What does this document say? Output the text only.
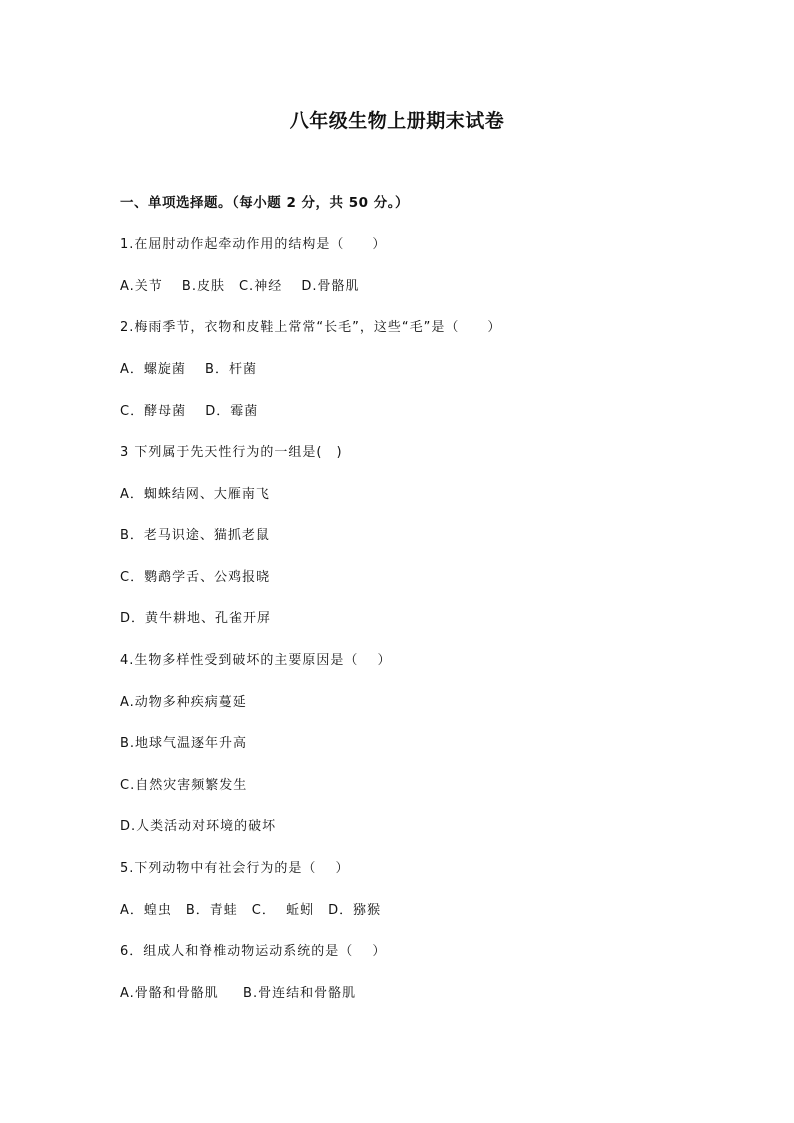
八年级生物上册期末试卷
一、单项选择题。（每小题 2 分，共 50 分。）
1.在屈肘动作起牵动作用的结构是（　　）
A.关节　 B.皮肤　C.神经　 D.骨骼肌
2.梅雨季节，衣物和皮鞋上常常“长毛”，这些“毛”是（　　）
A．螺旋菌　 B．杆菌
C．酵母菌　 D．霉菌
3 下列属于先天性行为的一组是(　)
A．蜘蛛结网、大雁南飞
B．老马识途、猫抓老鼠
C．鹦鹉学舌、公鸡报晓
D．黄牛耕地、孔雀开屏
4.生物多样性受到破坏的主要原因是（　 ）
A.动物多种疾病蔓延
B.地球气温逐年升高
C.自然灾害频繁发生
D.人类活动对环境的破坏
5.下列动物中有社会行为的是（　 ）
A．蝗虫　B．青蛙　C．  蚯蚓　D．猕猴
6．组成人和脊椎动物运动系统的是（　 ）
A.骨骼和骨骼肌　  B.骨连结和骨骼肌
